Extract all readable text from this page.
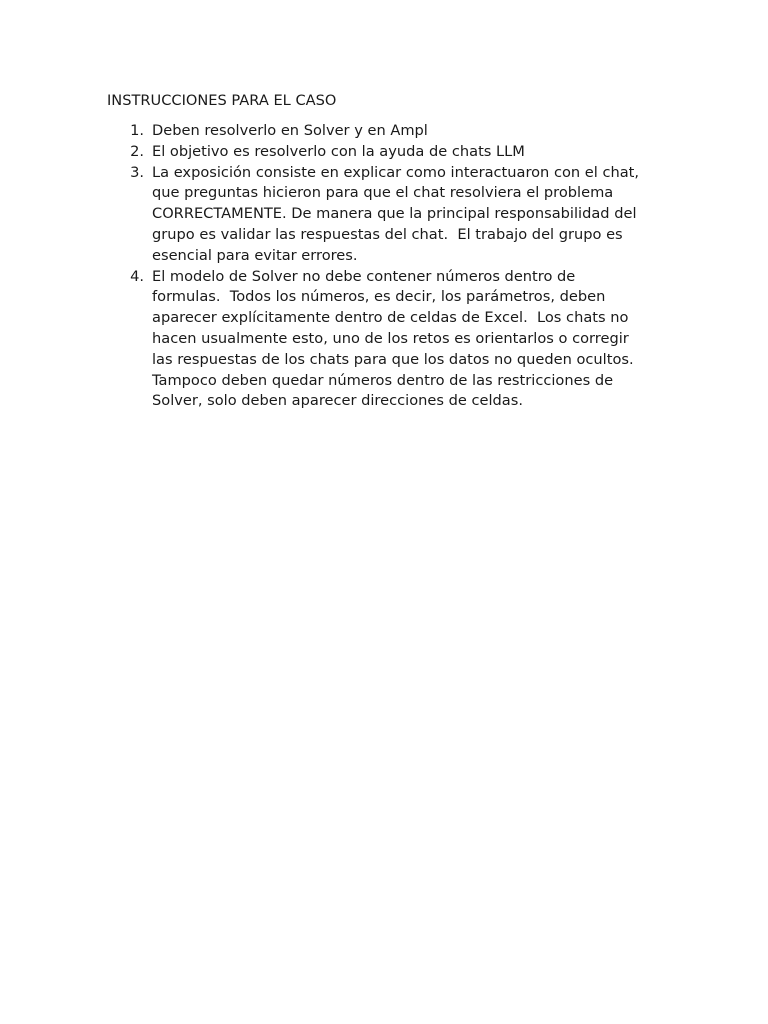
INSTRUCCIONES PARA EL CASO
1. Deben resolverlo en Solver y en Ampl
2. El objetivo es resolverlo con la ayuda de chats LLM
3. La exposición consiste en explicar como interactuaron con el chat,
que preguntas hicieron para que el chat resolviera el problema
CORRECTAMENTE. De manera que la principal responsabilidad del
grupo es validar las respuestas del chat.  El trabajo del grupo es
esencial para evitar errores.
4. El modelo de Solver no debe contener números dentro de
formulas.  Todos los números, es decir, los parámetros, deben
aparecer explícitamente dentro de celdas de Excel.  Los chats no
hacen usualmente esto, uno de los retos es orientarlos o corregir
las respuestas de los chats para que los datos no queden ocultos.
Tampoco deben quedar números dentro de las restricciones de
Solver, solo deben aparecer direcciones de celdas.
